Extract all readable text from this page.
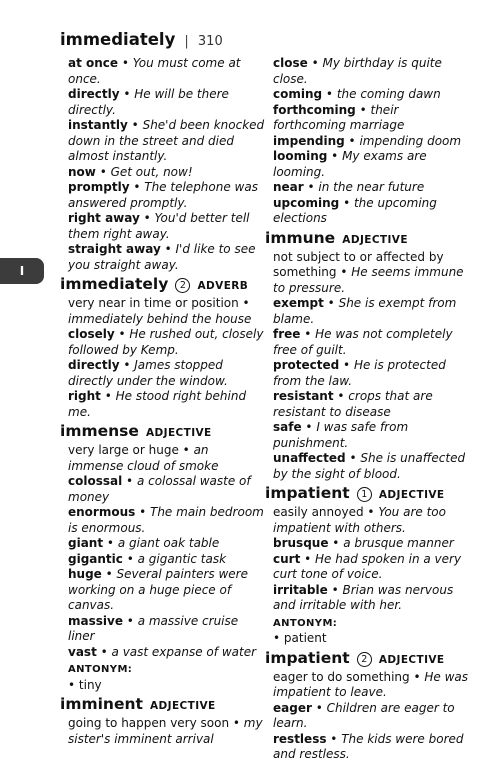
immediately | 310
I
at once • You must come at once.
directly • He will be there directly.
instantly • She'd been knocked down in the street and died almost instantly.
now • Get out, now!
promptly • The telephone was answered promptly.
right away • You'd better tell them right away.
straight away • I'd like to see you straight away.
immediately 2 ADVERB
very near in time or position • immediately behind the house
closely • He rushed out, closely followed by Kemp.
directly • James stopped directly under the window.
right • He stood right behind me.
immense ADJECTIVE
very large or huge • an immense cloud of smoke
colossal • a colossal waste of money
enormous • The main bedroom is enormous.
giant • a giant oak table
gigantic • a gigantic task
huge • Several painters were working on a huge piece of canvas.
massive • a massive cruise liner
vast • a vast expanse of water
ANTONYM:
• tiny
imminent ADJECTIVE
going to happen very soon • my sister's imminent arrival
close • My birthday is quite close.
coming • the coming dawn
forthcoming • their forthcoming marriage
impending • impending doom
looming • My exams are looming.
near • in the near future
upcoming • the upcoming elections
immune ADJECTIVE
not subject to or affected by something • He seems immune to pressure.
exempt • She is exempt from blame.
free • He was not completely free of guilt.
protected • He is protected from the law.
resistant • crops that are resistant to disease
safe • I was safe from punishment.
unaffected • She is unaffected by the sight of blood.
impatient 1 ADJECTIVE
easily annoyed • You are too impatient with others.
brusque • a brusque manner
curt • He had spoken in a very curt tone of voice.
irritable • Brian was nervous and irritable with her.
ANTONYM:
• patient
impatient 2 ADJECTIVE
eager to do something • He was impatient to leave.
eager • Children are eager to learn.
restless • The kids were bored and restless.
